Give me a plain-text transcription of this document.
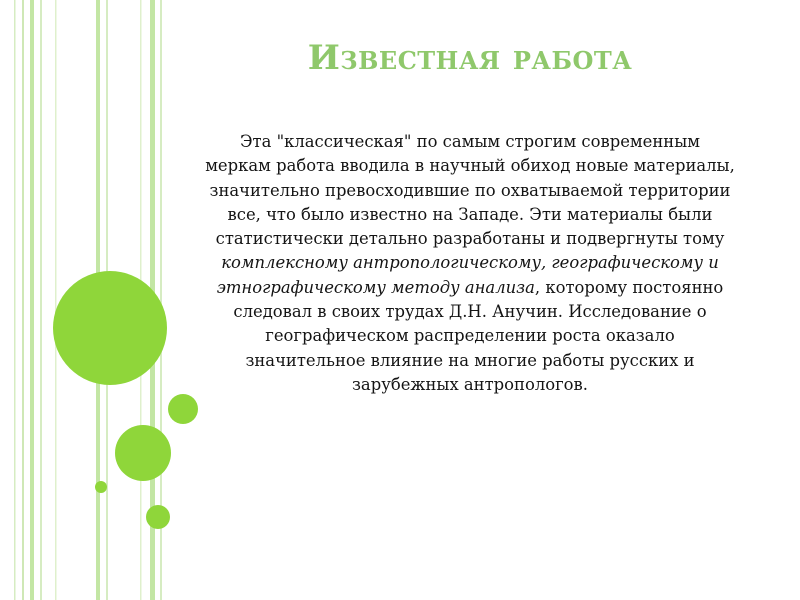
Известная работа
Эта "классическая" по самым строгим современным меркам работа вводила в научный обиход новые материалы, значительно превосходившие по охватываемой территории все, что было известно на Западе. Эти материалы были статистически детально разработаны и подвергнуты тому комплексному антропологическому, географическому и этнографическому методу анализа, которому постоянно следовал в своих трудах Д.Н. Анучин. Исследование о географическом распределении роста оказало значительное влияние на многие работы русских и зарубежных антропологов.
